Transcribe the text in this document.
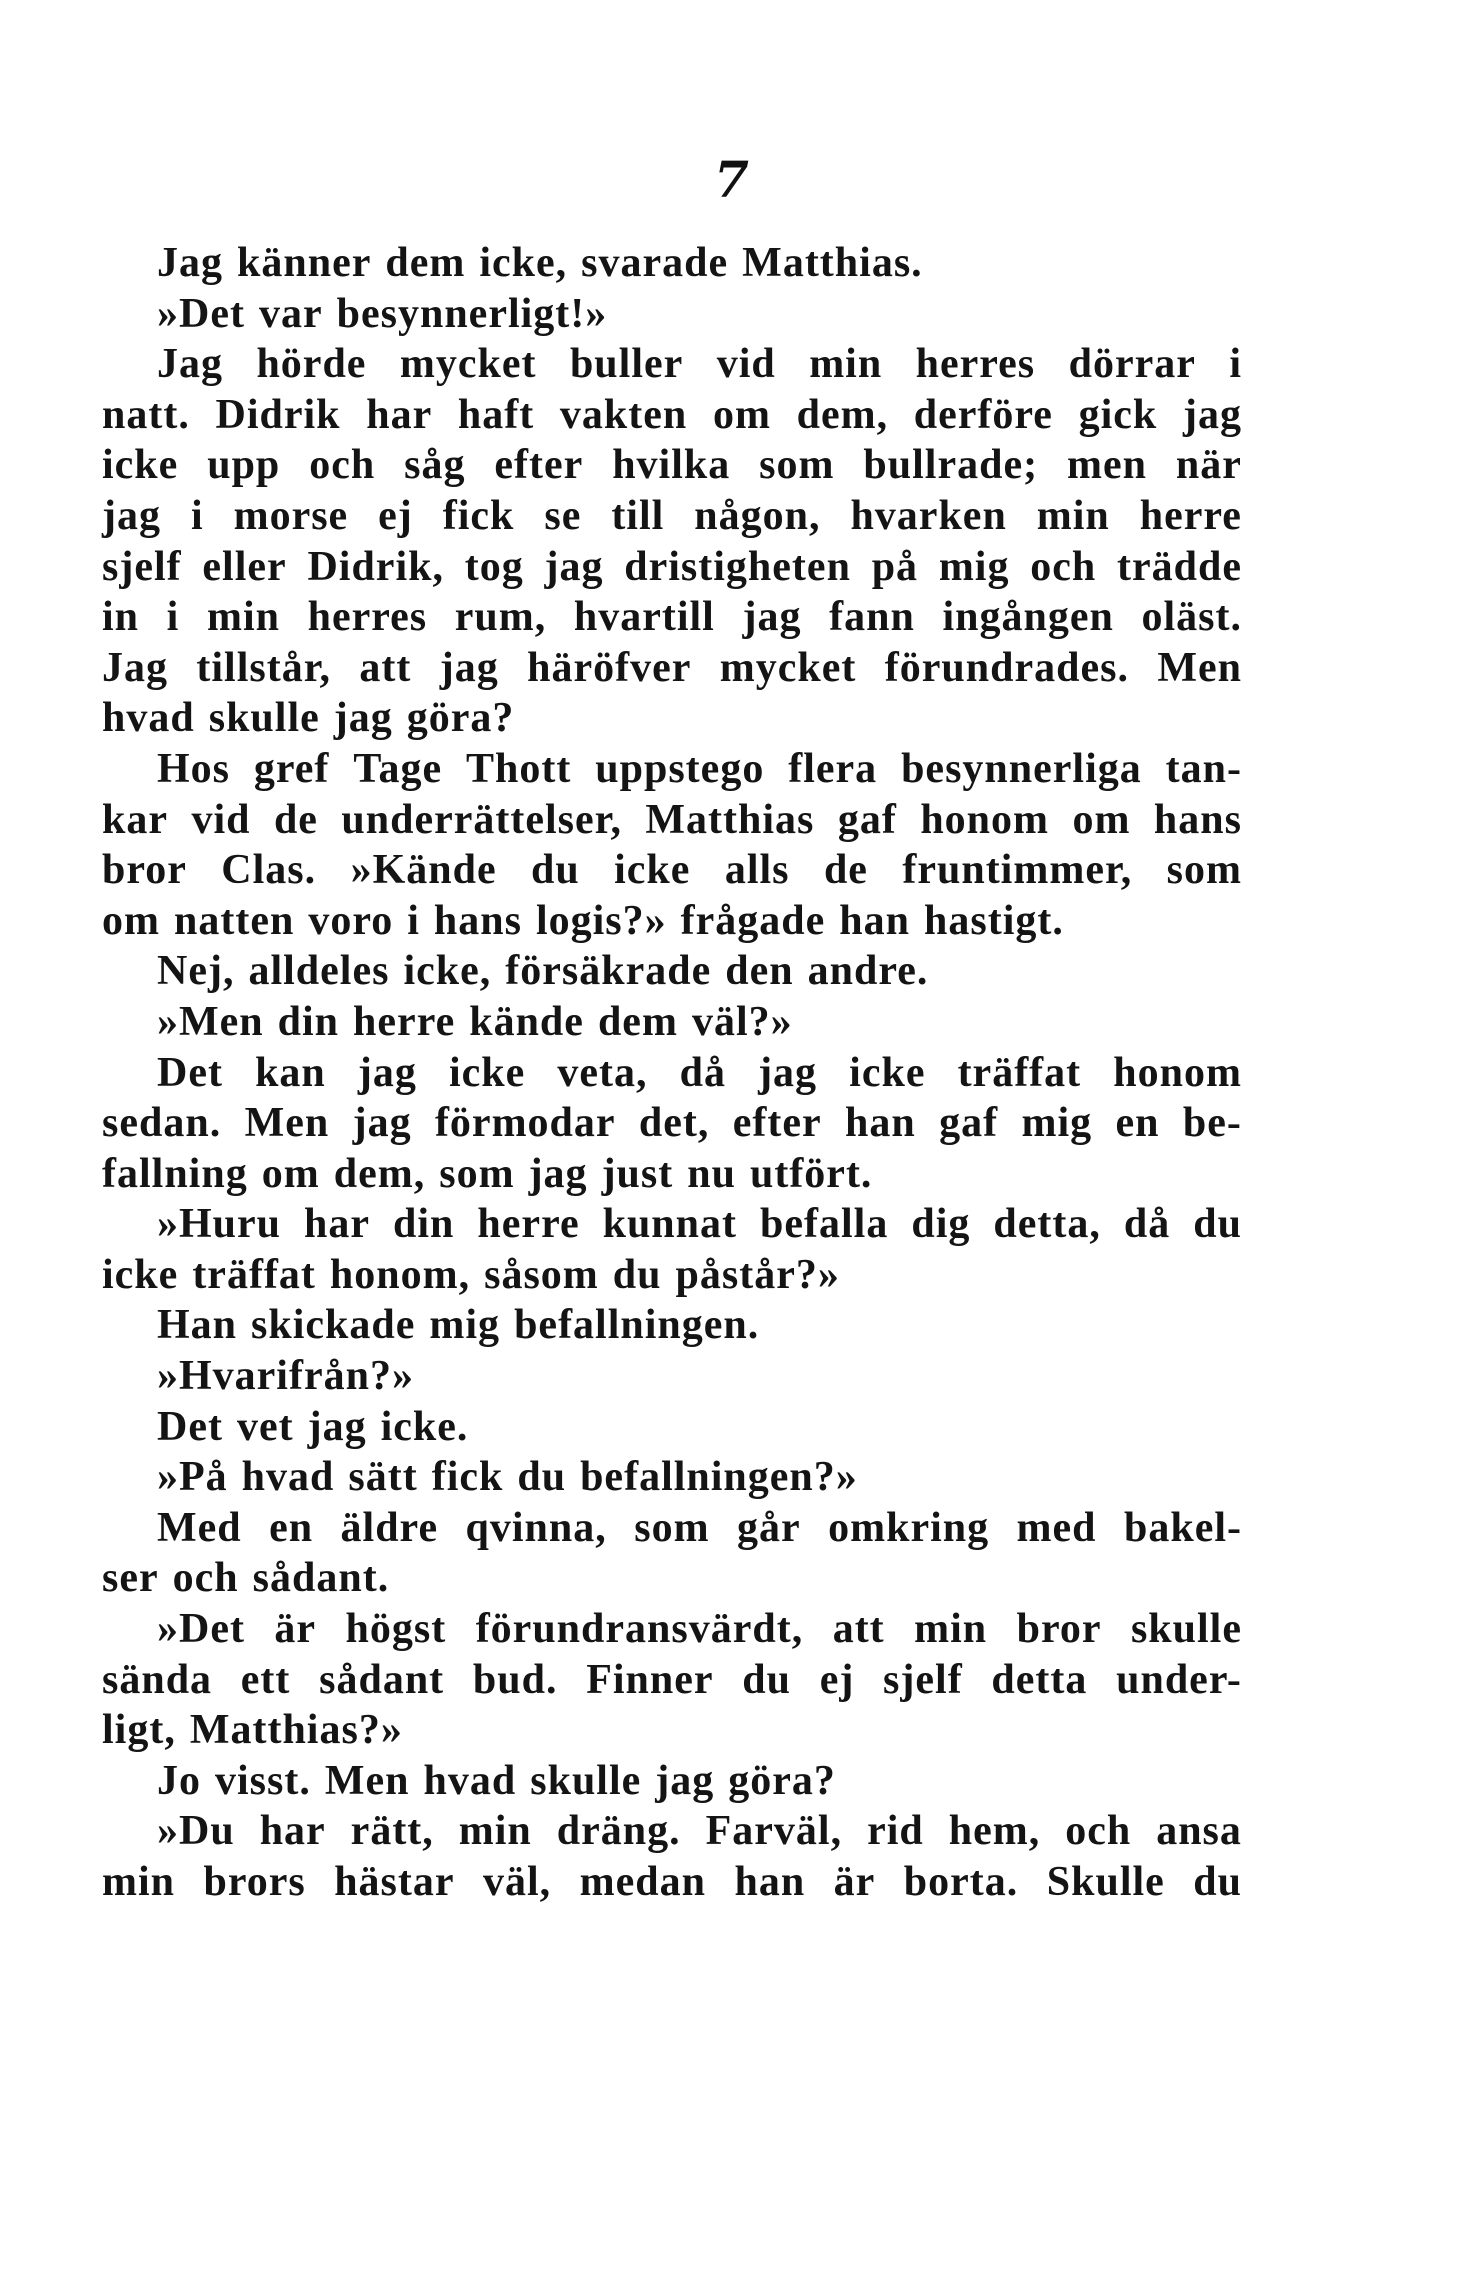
7
Jag känner dem icke, svarade Matthias.
»Det var besynnerligt!»
Jag hörde mycket buller vid min herres dörrar i
natt. Didrik har haft vakten om dem, derföre gick jag
icke upp och såg efter hvilka som bullrade; men när
jag i morse ej fick se till någon, hvarken min herre
sjelf eller Didrik, tog jag dristigheten på mig och trädde
in i min herres rum, hvartill jag fann ingången oläst.
Jag tillstår, att jag häröfver mycket förundrades. Men
hvad skulle jag göra?
Hos gref Tage Thott uppstego flera besynnerliga tan-
kar vid de underrättelser, Matthias gaf honom om hans
bror Clas. »Kände du icke alls de fruntimmer, som
om natten voro i hans logis?» frågade han hastigt.
Nej, alldeles icke, försäkrade den andre.
»Men din herre kände dem väl?»
Det kan jag icke veta, då jag icke träffat honom
sedan. Men jag förmodar det, efter han gaf mig en be-
fallning om dem, som jag just nu utfört.
»Huru har din herre kunnat befalla dig detta, då du
icke träffat honom, såsom du påstår?»
Han skickade mig befallningen.
»Hvarifrån?»
Det vet jag icke.
»På hvad sätt fick du befallningen?»
Med en äldre qvinna, som går omkring med bakel-
ser och sådant.
»Det är högst förundransvärdt, att min bror skulle
sända ett sådant bud. Finner du ej sjelf detta under-
ligt, Matthias?»
Jo visst. Men hvad skulle jag göra?
»Du har rätt, min dräng. Farväl, rid hem, och ansa
min brors hästar väl, medan han är borta. Skulle du
